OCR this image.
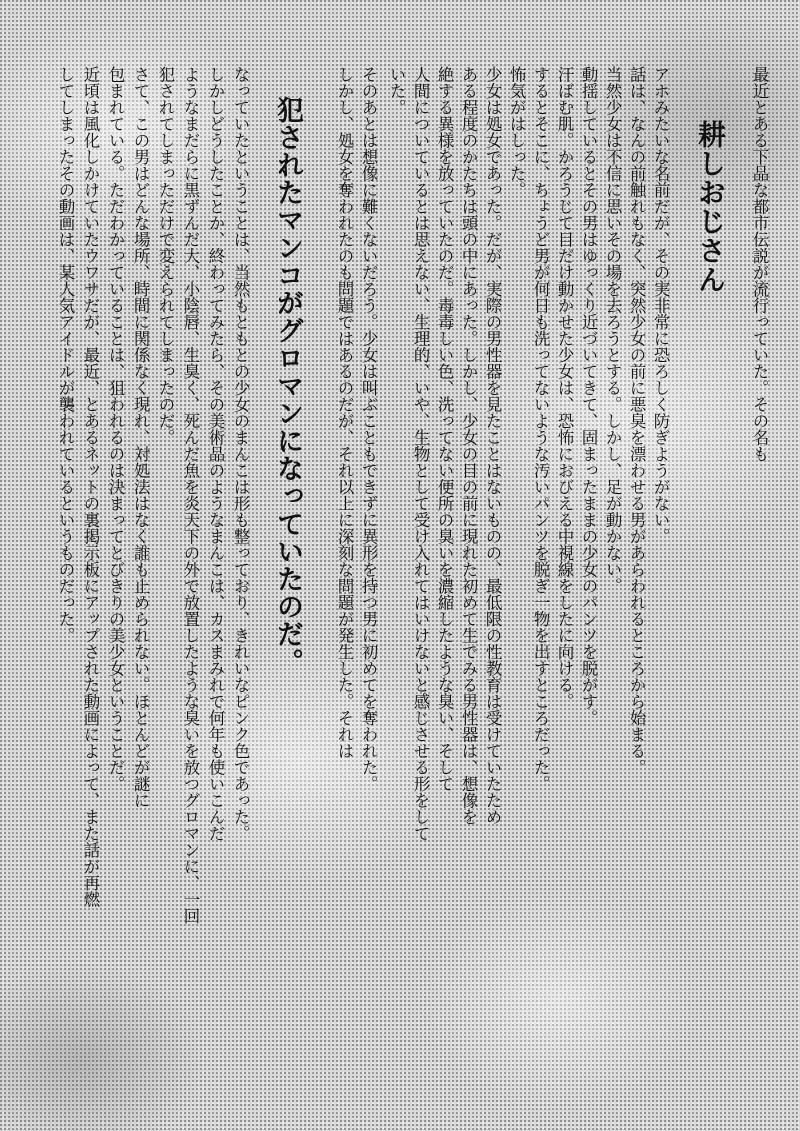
最近とある下品な都市伝説が流行っていた。その名も
耕しおじさん
アホみたいな名前だが、その実非常に恐ろしく防ぎようがない。
話は、なんの前触れもなく、突然少女の前に悪臭を漂わせる男があらわれるところから始まる。
当然少女は不信に思いその場を去ろうとする。しかし、足が動かない。
動揺しているとその男はゆっくり近づいてきて、固まったままの少女のパンツを脱がす。
汗ばむ肌。かろうじて目だけ動かせた少女は、恐怖におびえる中視線をしたに向ける。
するとそこに、ちょうど男が何日も洗ってないような汚いパンツを脱ぎ一物を出すところだった。
怖気がはしった。
少女は処女であった。だが、実際の男性器を見たことはないものの、最低限の性教育は受けていたため
ある程度のかたちは頭の中にあった。しかし、少女の目の前に現れた初めて生でみる男性器は、想像を
絶する異様を放っていたのだ。毒毒しい色、洗ってない便所の臭いを濃縮したような臭い、そして
人間についているとは思えない、生理的、いや、生物として受け入れてはいけないと感じさせる形をして
いた。
そのあとは想像に難くないだろう。少女は叫ぶこともできずに異形を持つ男に初めてを奪われた。
しかし、処女を奪われたのも問題ではあるのだが、それ以上に深刻な問題が発生した。それは
犯されたマンコがグロマンになっていたのだ。
なっていたということは、当然もともとの少女のまんこは形も整っており、きれいなピンク色であった。
しかしどうしたことか、終わってみたら、その美術品のようなまんこは、カスまみれで何年も使いこんだ
ようなまだらに黒ずんだ大、小陰唇、生臭く、死んだ魚を炎天下の外で放置したような臭いを放つグロマンに、一回
犯されてしまっただけで変えられてしまったのだ。
さて、この男はどんな場所、時間に関係なく現れ、対処法はなく誰も止められない。ほとんどが謎に
包まれている。ただわかっていることは、狙われるのは決まってとびきりの美少女ということだ。
近頃は風化しかけていたウワサだが、最近、とあるネットの裏掲示板にアップされた動画によって、また話が再燃
してしまったその動画は、某人気アイドルが襲われているというものだった。
